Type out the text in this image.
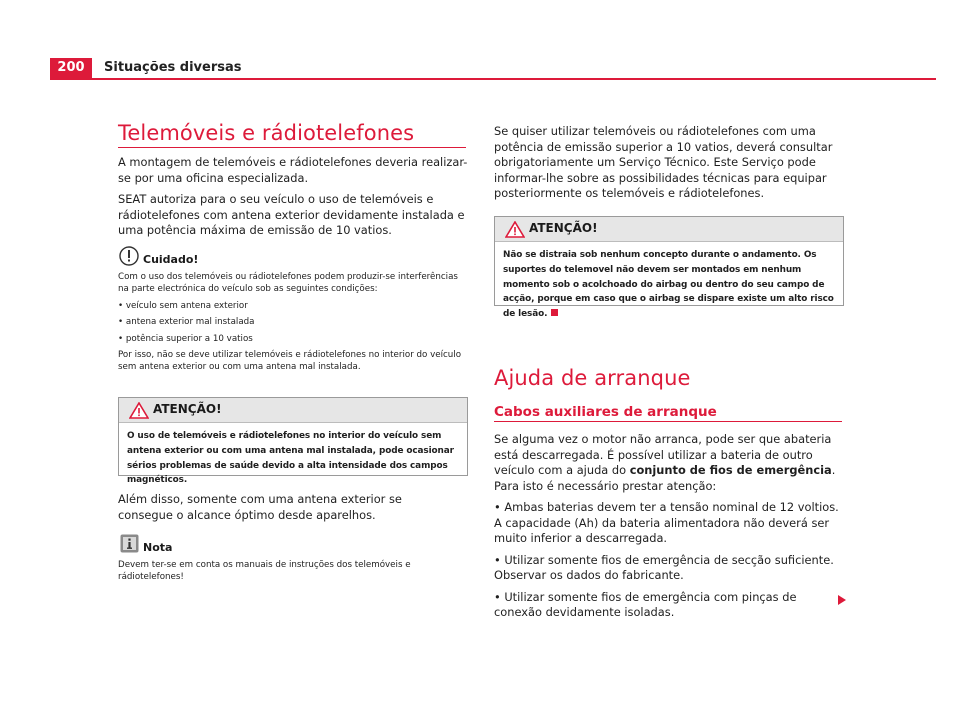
200	Situações diversas
Telemóveis e rádiotelefones

A montagem de telemóveis e rádiotelefones deveria realizar-se por uma oficina especializada.

SEAT autoriza para o seu veículo o uso de telemóveis e rádiotelefones com antena exterior devidamente instalada e uma potência máxima de emissão de 10 vatios.

Cuidado!

Com o uso dos telemóveis ou rádiotelefones podem produzir-se interferências na parte electrónica do veículo sob as seguintes condições:

• veículo sem antena exterior

• antena exterior mal instalada

• potência superior a 10 vatios

Por isso, não se deve utilizar telemóveis e rádiotelefones no interior do veículo sem antena exterior ou com uma antena mal instalada.

ATENÇÃO!
O uso de telemóveis e rádiotelefones no interior do veículo sem antena exterior ou com uma antena mal instalada, pode ocasionar sérios problemas de saúde devido a alta intensidade dos campos magnéticos.
Além disso, somente com uma antena exterior se consegue o alcance óptimo desde aparelhos.
Nota
Devem ter-se em conta os manuais de instruções dos telemóveis e rádiotelefones!
Se quiser utilizar telemóveis ou rádiotelefones com uma potência de emissão superior a 10 vatios, deverá consultar obrigatoriamente um Serviço Técnico. Este Serviço pode informar-lhe sobre as possibilidades técnicas para equipar posteriormente os telemóveis e rádiotelefones.
ATENÇÃO!
Não se distraia sob nenhum concepto durante o andamento. Os suportes do telemovel não devem ser montados em nenhum momento sob o acolchoado do airbag ou dentro do seu campo de acção, porque em caso que o airbag se dispare existe um alto risco de lesão.
Ajuda de arranque
Cabos auxiliares de arranque

Se alguma vez o motor não arranca, pode ser que abateria está descarregada. É possível utilizar a bateria de outro veículo com a ajuda do conjunto de fios de emergência. Para isto é necessário prestar atenção:

• Ambas baterias devem ter a tensão nominal de 12 voltios. A capacidade (Ah) da bateria alimentadora não deverá ser muito inferior a descarregada.

• Utilizar somente fios de emergência de secção suficiente. Observar os dados do fabricante.

• Utilizar somente fios de emergência com pinças de conexão devidamente isoladas.
